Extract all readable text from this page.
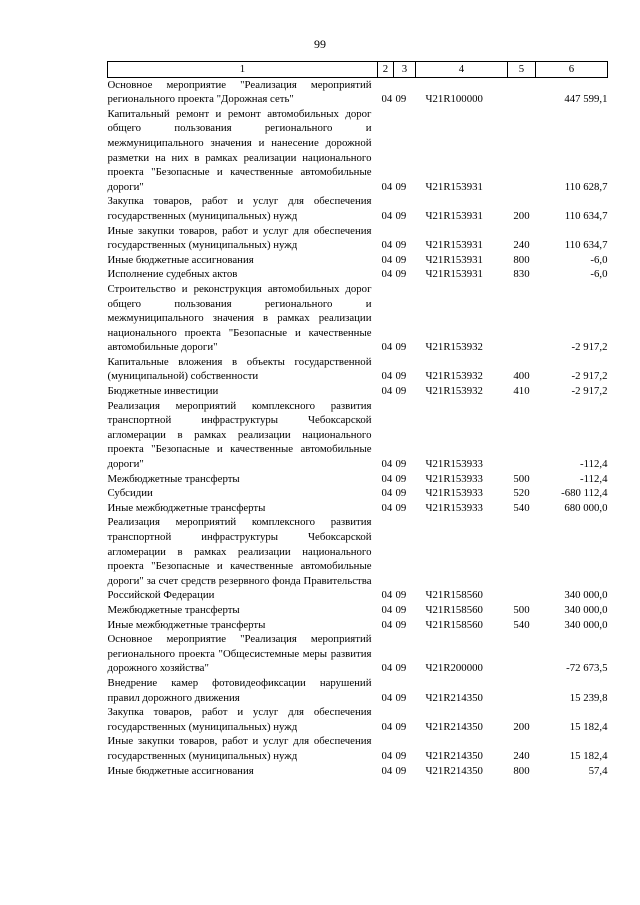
99
1	2	3	4	5	6
Основное мероприятие "Реализация мероприятий регионального проекта "Дорожная сеть"	04	09	Ч21R100000		447 599,1
Капитальный ремонт и ремонт автомобильных дорог общего пользования регионального и межмуниципального значения и нанесение дорожной разметки на них в рамках реализации национального проекта "Безопасные и качественные автомобильные дороги"	04	09	Ч21R153931		110 628,7
Закупка товаров, работ и услуг для обеспечения государственных (муниципальных) нужд	04	09	Ч21R153931	200	110 634,7
Иные закупки товаров, работ и услуг для обеспечения государственных (муниципальных) нужд	04	09	Ч21R153931	240	110 634,7
Иные бюджетные ассигнования	04	09	Ч21R153931	800	-6,0
Исполнение судебных актов	04	09	Ч21R153931	830	-6,0
Строительство и реконструкция автомобильных дорог общего пользования регионального и межмуниципального значения в рамках реализации национального проекта "Безопасные и качественные автомобильные дороги"	04	09	Ч21R153932		-2 917,2
Капитальные вложения в объекты государственной (муниципальной) собственности	04	09	Ч21R153932	400	-2 917,2
Бюджетные инвестиции	04	09	Ч21R153932	410	-2 917,2
Реализация мероприятий комплексного развития транспортной инфраструктуры Чебоксарской агломерации в рамках реализации национального проекта "Безопасные и качественные автомобильные дороги"	04	09	Ч21R153933		-112,4
Межбюджетные трансферты	04	09	Ч21R153933	500	-112,4
Субсидии	04	09	Ч21R153933	520	-680 112,4
Иные межбюджетные трансферты	04	09	Ч21R153933	540	680 000,0
Реализация мероприятий комплексного развития транспортной инфраструктуры Чебоксарской агломерации в рамках реализации национального проекта "Безопасные и качественные автомобильные дороги" за счет средств резервного фонда Правительства Российской Федерации	04	09	Ч21R158560		340 000,0
Межбюджетные трансферты	04	09	Ч21R158560	500	340 000,0
Иные межбюджетные трансферты	04	09	Ч21R158560	540	340 000,0
Основное мероприятие "Реализация мероприятий регионального проекта "Общесистемные меры развития дорожного хозяйства"	04	09	Ч21R200000		-72 673,5
Внедрение камер фотовидеофиксации нарушений правил дорожного движения	04	09	Ч21R214350		15 239,8
Закупка товаров, работ и услуг для обеспечения государственных (муниципальных) нужд	04	09	Ч21R214350	200	15 182,4
Иные закупки товаров, работ и услуг для обеспечения государственных (муниципальных) нужд	04	09	Ч21R214350	240	15 182,4
Иные бюджетные ассигнования	04	09	Ч21R214350	800	57,4
